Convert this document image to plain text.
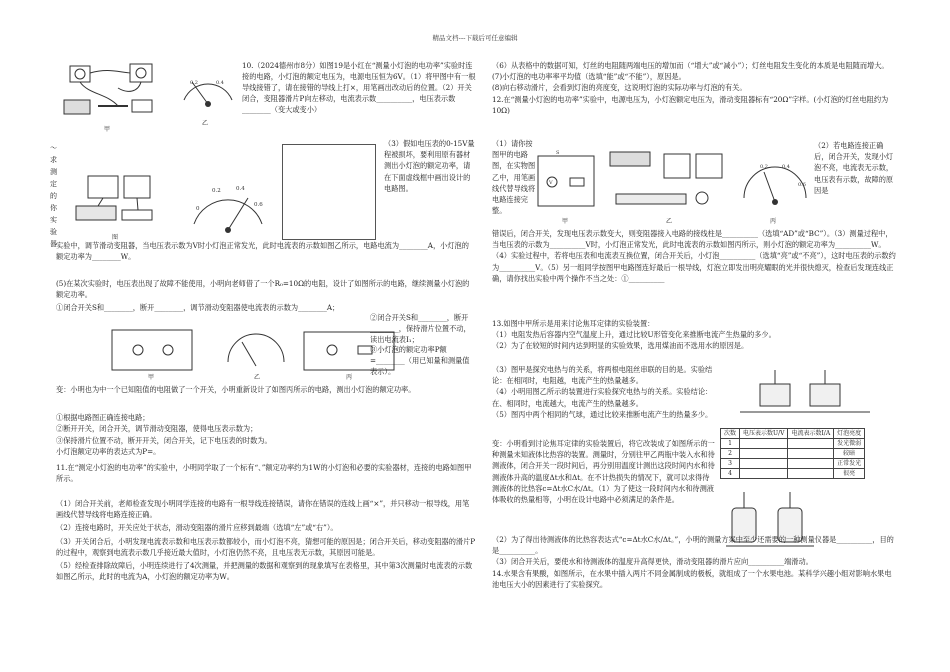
精品文档---下载后可任意编辑
甲
0.2	0.4
乙
10.（2024德州市8分）如图19是小红在“测量小灯泡的电功率”实验时连接的电路，小灯泡的额定电压为，电源电压恒为6V。（1）将甲图中有一根导线接错了，请在接错的导线上打×，用笔画出改动后的位置。（2）开关闭合，变阻器滑片P向左移动，电流表示数__________，电压表示数________（变大或变小）
～求测定的你实验器
图
0
0.2	0.4
0.6
（3）假如电压表的0-15V量程被损坏，要利用原有器材测出小灯泡的额定功率，请在下面虚线框中画出设计的电路图。
实验中，调节滑动变阻器，当电压表示数为V时小灯泡正常发光，此时电流表的示数如图乙所示，电路电流为________A，小灯泡的额定功率为________W。
(5)在某次实验时，电压表出现了故障不能使用，小明向老师借了一个R₀=10Ω的电阻，设计了如图所示的电路，继续测量小灯泡的额定功率。
①闭合开关S和________，断开________，调节滑动变阻器使电流表的示数为________A；
甲	乙	丙
②闭合开关S和________，断开________，保持滑片位置不动，读出电流表I₁；
③小灯泡的额定功率P额=________（用已知量和测量值表示）。
变：小明也为中一个已知阻值的电阻做了一个开关，小明重新设计了如图丙所示的电路，测出小灯泡的额定功率。
①根据电路图正确连接电路；
②断开开关，闭合开关，调节滑动变阻器，使得电压表示数为；
③保持滑片位置不动，断开开关，闭合开关，记下电压表的时数为。
小灯泡额定功率的表达式为P=。
11.在“测定小灯泡的电功率”的实验中，小明同学取了一个标有“、”额定功率约为1W的小灯泡和必要的实验器材，连接的电路如图甲所示。
（1）闭合开关前，老师检查发现小明同学连接的电路有一根导线连接错误，请你在错误的连线上画“×”，并只移动一根导线，用笔画线代替导线将电路连接正确。
（2）连接电路时，开关应处于状态，滑动变阻器的滑片应移到最端（选填“左”或“右”）。
（3）开关闭合后，小明发现电流表示数和电压表示数都较小，而小灯泡不亮，猜想可能的原因是；闭合开关后，移动变阻器的滑片P的过程中，观察到电流表示数几乎接近最大值时，小灯泡仍然不亮，且电压表无示数，其原因可能是。
（5）经检查排除故障后，小明连续进行了4次测量，并把测量的数据和观察到的现象填写在表格里，其中第3次测量时电流表的示数如图乙所示，此时的电流为A，小灯泡的额定功率为W。
（6）从表格中的数据可知，灯丝的电阻随两端电压的增加而（“增大”或“减小”）；灯丝电阻发生变化的本质是电阻随而增大。
(7)小灯泡的电功率率平均值（选填“能”或“不能”），原因是。
(8)向右移动滑片，会看到灯泡的亮度变，这说明灯泡的实际功率与灯泡的有关。
12.在“测量小灯泡的电功率”实验中，电源电压为，小灯泡额定电压为，滑动变阻器标有“20Ω”字样。(小灯泡的灯丝电阻约为10Ω)
（1）请你按图甲的电路图，在实物图乙中，用笔画线代替导线将电路连接完整。
V
S
甲	乙
0.2	0.4
0.6
丙
（2）若电路连接正确后，闭合开关，发现小灯泡不亮，电流表无示数，电压表有示数，故障的原因是
错误后，闭合开关，发现电压表示数变大，则变阻器接入电路的接线柱是__________（选填“AD”或“BC”）。（3）测量过程中，当电压表的示数为__________V时，小灯泡正常发光，此时电流表的示数如图丙所示，则小灯泡的额定功率为__________W。（4）实验过程中，若将电压表和电流表互换位置，闭合开关后，小灯泡__________（选填“亮”或“不亮”），这时电压表的示数约为__________V。（5）另一组同学按图甲电路图连好最后一根导线，灯泡立即发出明亮耀眼的光并很快熄灭，检查后发现连线正确，请你找出实验中两个操作不当之处：①__________
13.如图中甲所示是用来讨论焦耳定律的实验装置：
（1）电阻发热后容器内空气温度上升，通过比较U形管变化来推断电流产生热量的多少。
（2）为了在较短的时间内达到明显的实验效果，选用煤油而不选用水的原因是。
（3）图甲是探究电热与的关系，将两根电阻丝串联的目的是。实验结论：在相同时，电阻越，电流产生的热量越多。
（4）小明用图乙所示的装置进行实验探究电热与的关系。实验结论：在、相同时，电流越大，电流产生的热量越多。
（5）图丙中两个相同的气球，通过比较来推断电流产生的热量多少。
次数	电压表示数U/V	电流表示数I/A	灯泡亮度
1			发光微弱
2			较暗
3			正常发光
4			很亮
变：小明看到讨论焦耳定律的实验装置后，将它改装成了如图所示的一种测量未知液体比热容的装置。测量时，分别往甲乙两瓶中装入水和待测液体，闭合开关一段时间后，再分别用温度计测出这段时间内水和待测液体升高的温度Δt水和Δt。在不计热损失的情况下，就可以求得待测液体的比热容c=Δt水C水/Δt。（1）为了使这一段时间内水和待测液体吸收的热量相等，小明在设计电路中必须满足的条件是。
（2）为了得出待测液体的比热容表达式“c=Δt水C水/Δt。”，小明的测量方案中至少还需要的一种测量仪器是__________，目的是__________。
（3）闭合开关后，要使水和待测液体的温度升高得更快，滑动变阻器的滑片应向__________端滑动。
14.水果含有果酸，如图所示，在水果中插入两片不同金属制成的极板，就组成了一个水果电池。某科学兴趣小组对影响水果电池电压大小的因素进行了实验探究。
